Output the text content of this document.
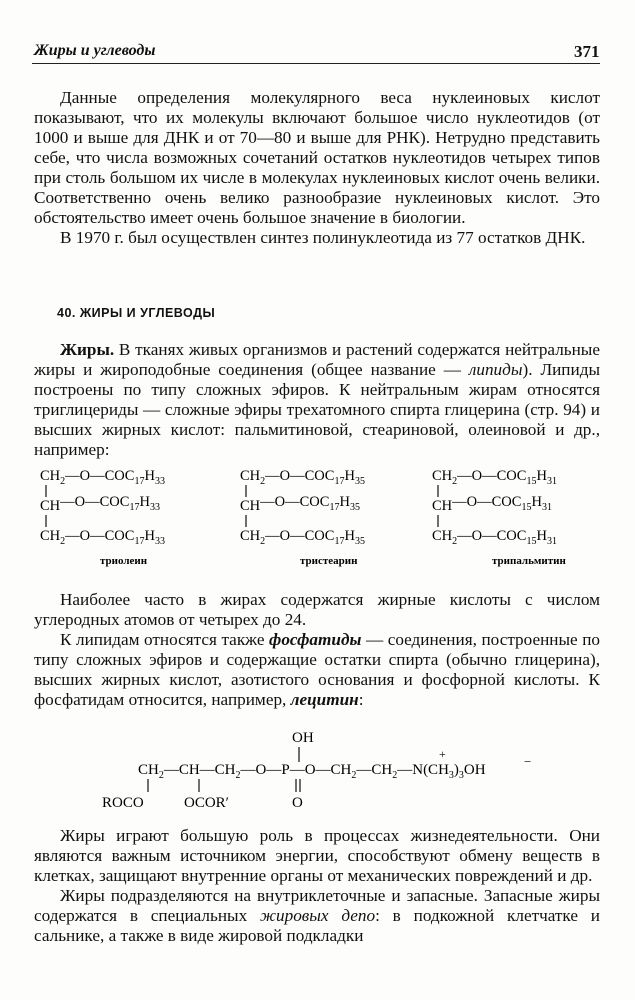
Жиры и углеводы	371

Данные определения молекулярного веса нуклеиновых кислот показывают, что их молекулы включают большое число нуклеотидов (от 1000 и выше для ДНК и от 70—80 и выше для РНК). Нетрудно представить себе, что числа возможных сочетаний остатков нуклеотидов четырех типов при столь большом их числе в молекулах нуклеиновых кислот очень велики. Соответственно очень велико разнообразие нуклеиновых кислот. Это обстоятельство имеет очень большое значение в биологии.

В 1970 г. был осуществлен синтез полинуклеотида из 77 остатков ДНК.

40. ЖИРЫ И УГЛЕВОДЫ

Жиры. В тканях живых организмов и растений содержатся нейтральные жиры и жироподобные соединения (общее название — липиды). Липиды построены по типу сложных эфиров. К нейтральным жирам относятся триглицериды — сложные эфиры трехатомного спирта глицерина (стр. 94) и высших жирных кислот: пальмитиновой, стеариновой, олеиновой и др., например:

$CH_2—O—COC_{17}H_{33}$
$CH—O—COC_{17}H_{33}$
$CH_2—O—COC_{17}H_{33}$
триолеин
$CH_2—O—COC_{17}H_{35}$
$CH—O—COC_{17}H_{35}$
$CH_2—O—COC_{17}H_{35}$
тристеарин
$CH_2—O—COC_{15}H_{31}$
$CH—O—COC_{15}H_{31}$
$CH_2—O—COC_{15}H_{31}$
трипальмитин

Наиболее часто в жирах содержатся жирные кислоты с числом углеродных атомов от четырех до 24.

К липидам относятся также фосфатиды — соединения, построенные по типу сложных эфиров и содержащие остатки спирта (обычно глицерина), высших жирных кислот, азотистого основания и фосфорной кислоты. К фосфатидам относится, например, лецитин:

OH
$CH_2—CH—CH_2—O—P—O—CH_2—CH_2—N(CH_3)_3OH$
+	−
ROCO	OCOR′	O

Жиры играют большую роль в процессах жизнедеятельности. Они являются важным источником энергии, способствуют обмену веществ в клетках, защищают внутренние органы от механических повреждений и др.

Жиры подразделяются на внутриклеточные и запасные. Запасные жиры содержатся в специальных жировых депо: в подкожной клетчатке и сальнике, а также в виде жировой подкладки
